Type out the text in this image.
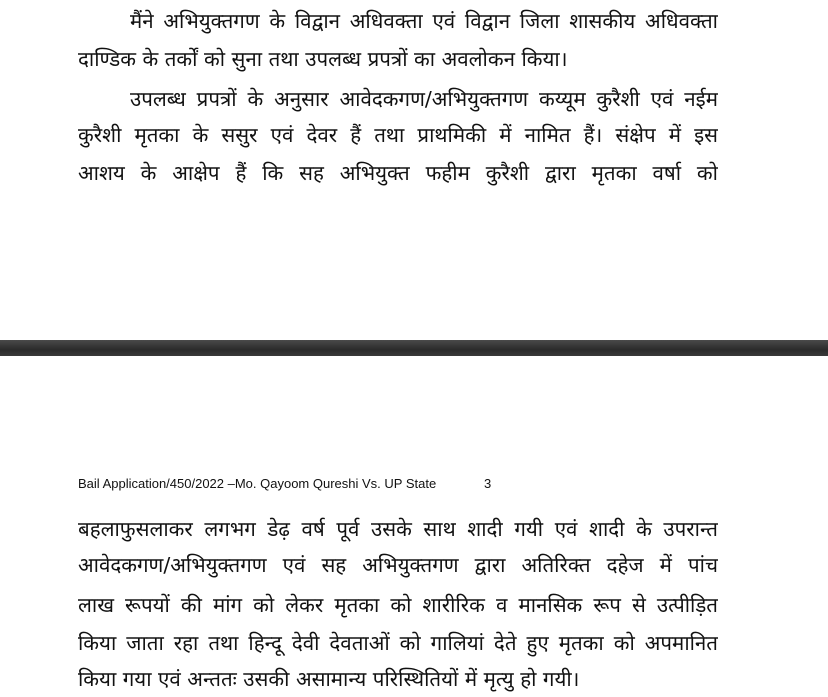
मैंने अभियुक्तगण के विद्वान अधिवक्ता एवं विद्वान जिला शासकीय अधिवक्ता
दाण्डिक के तर्कों को सुना तथा उपलब्ध प्रपत्रों का अवलोकन किया।
उपलब्ध प्रपत्रों के अनुसार आवेदकगण/अभियुक्तगण कय्यूम कुरैशी एवं नईम
कुरैशी मृतका के ससुर एवं देवर हैं तथा प्राथमिकी में नामित हैं। संक्षेप में इस
आशय के आक्षेप हैं कि सह अभियुक्त फहीम कुरैशी द्वारा मृतका वर्षा को
Bail Application/450/2022 –Mo. Qayoom Qureshi Vs. UP State	3
बहलाफुसलाकर लगभग डेढ़ वर्ष पूर्व उसके साथ शादी गयी एवं शादी के उपरान्त
आवेदकगण/अभियुक्तगण एवं सह अभियुक्तगण द्वारा अतिरिक्त दहेज में पांच
लाख रूपयों की मांग को लेकर मृतका को शारीरिक व मानसिक रूप से उत्पीड़ित
किया जाता रहा तथा हिन्दू देवी देवताओं को गालियां देते हुए मृतका को अपमानित
किया गया एवं अन्ततः उसकी असामान्य परिस्थितियों में मृत्यु हो गयी।
